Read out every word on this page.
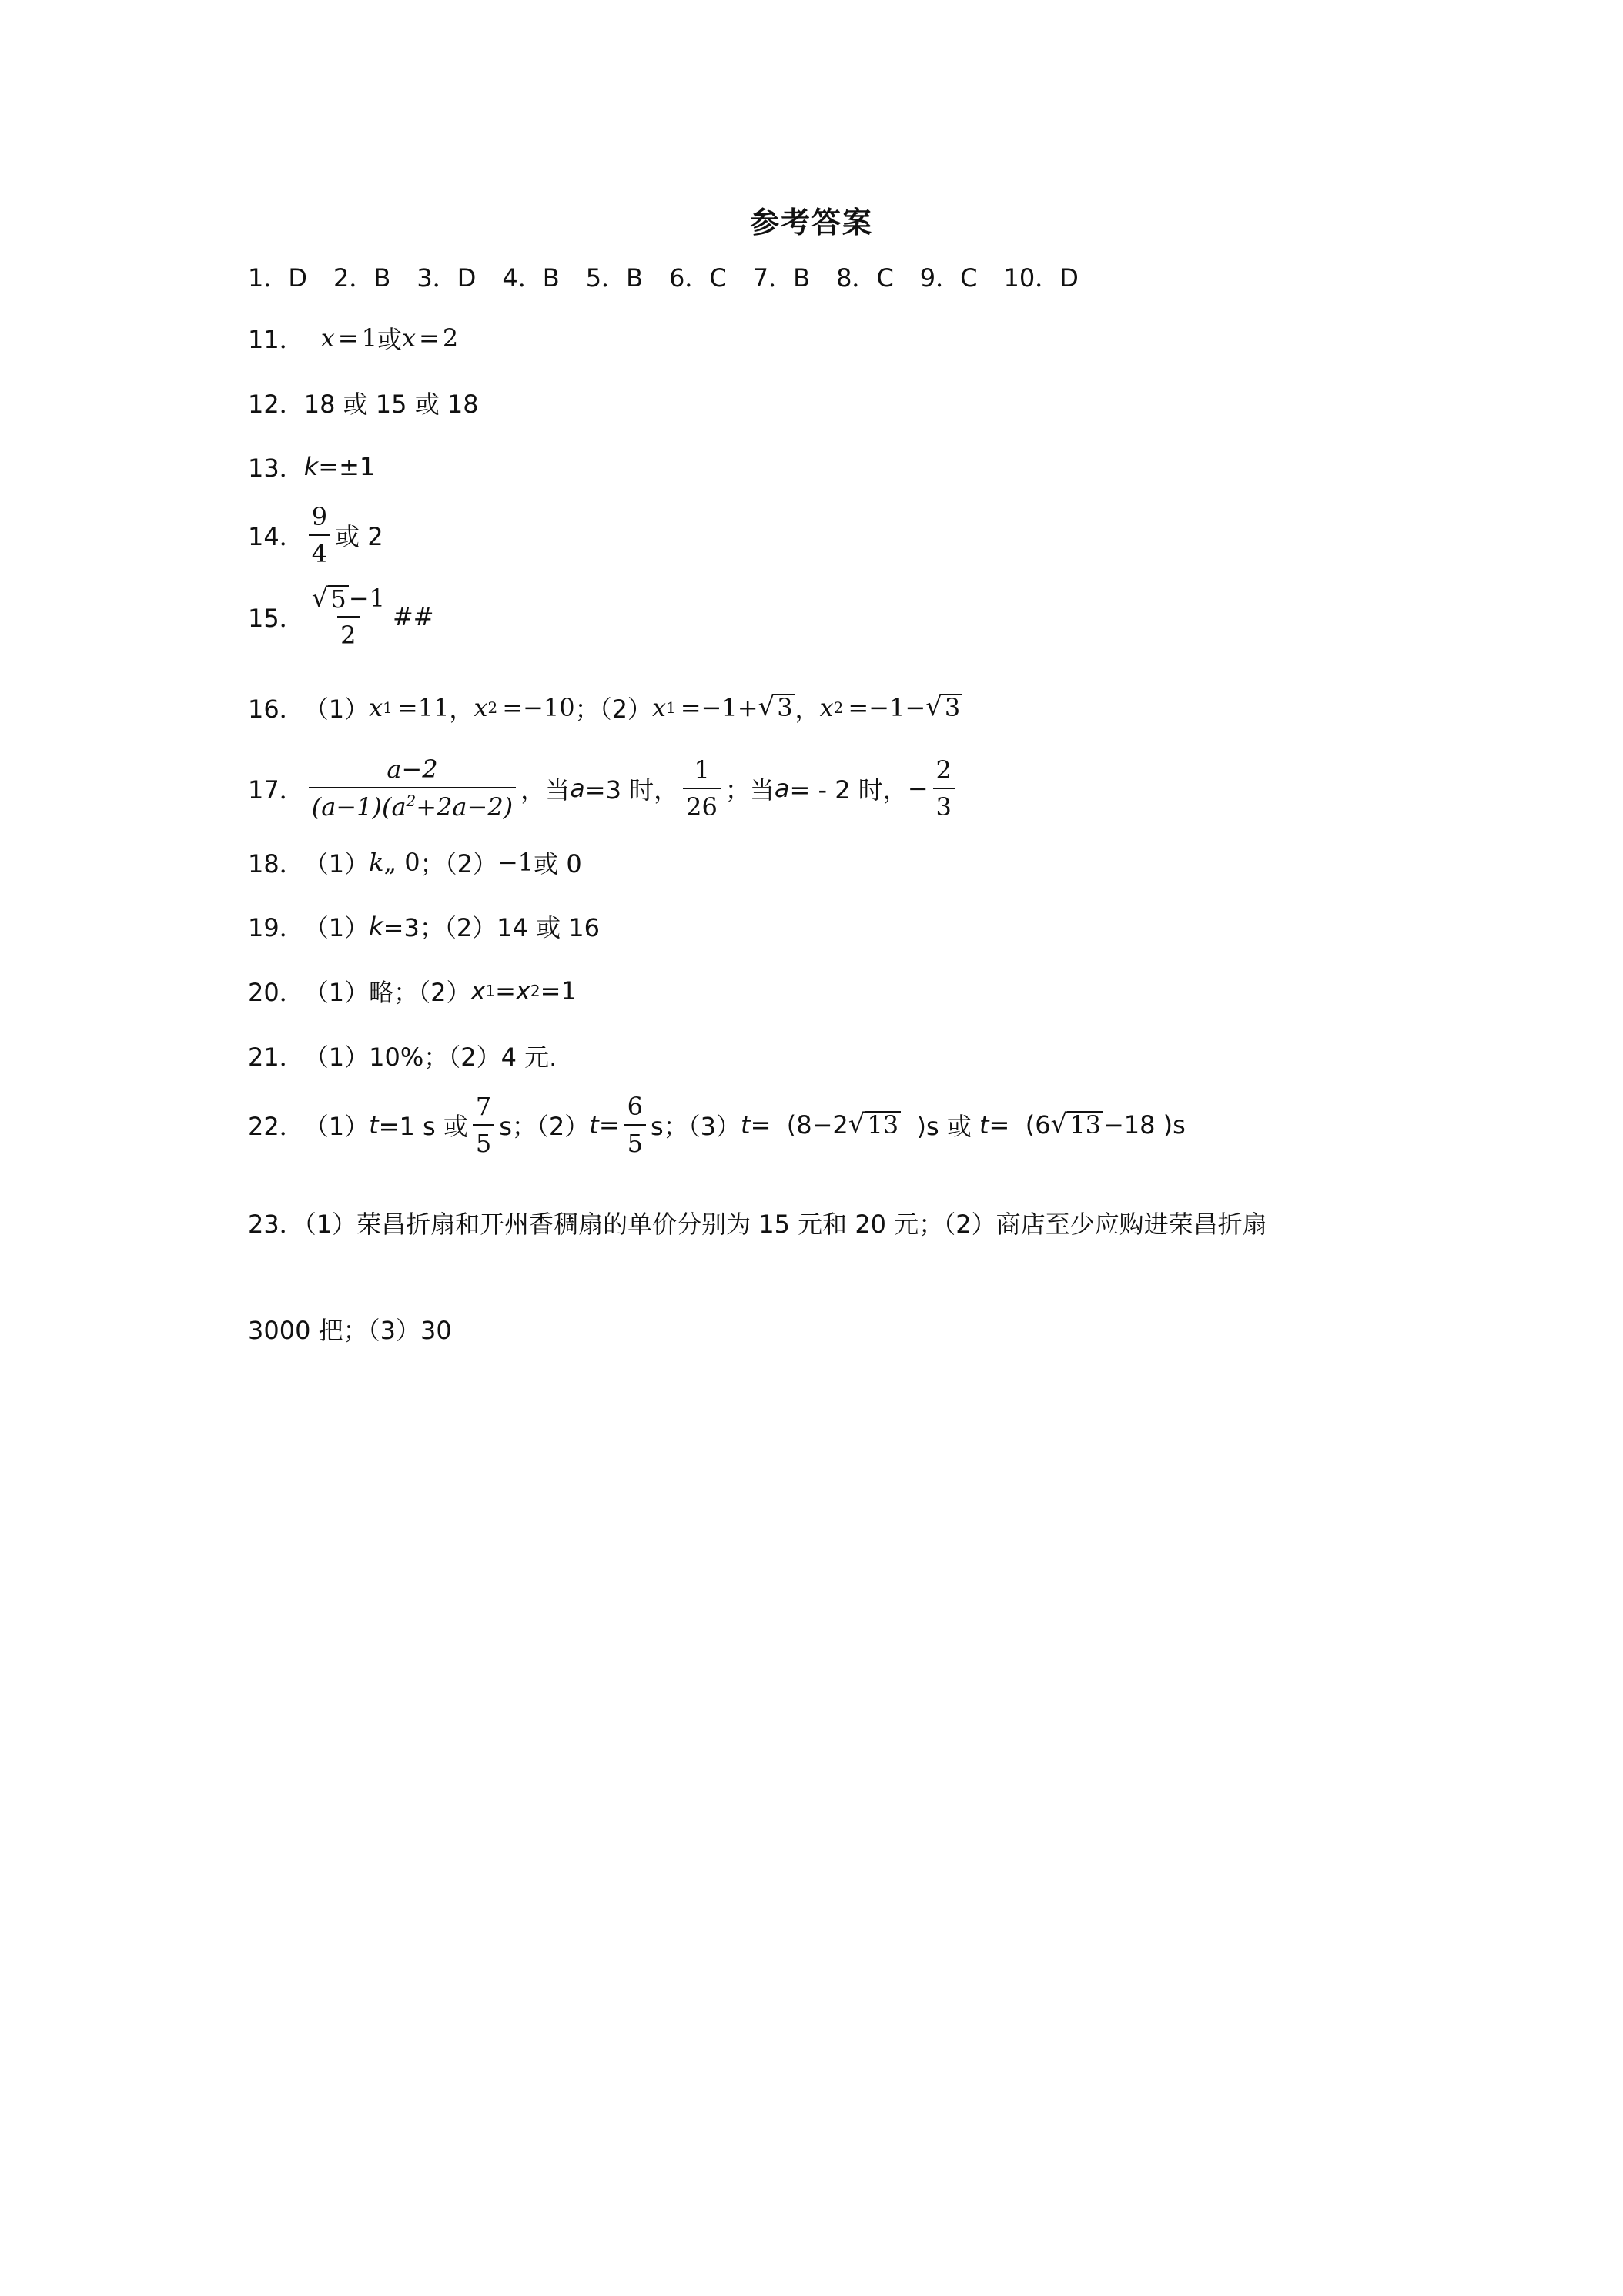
参考答案
1．D 2．B 3．D 4．B 5．B 6．C 7．B 8．C 9．C 10．D
11． x = 1 或 x = 2
12． 18 或 15 或 18
13． k =±1
14． $\frac{9}{4}$ 或 2
15． $\frac{√ 5 -1}{2}$ ##
16． （1） x 1 =11 ， x 2 =−10 ；（2） x 1 =−1+ √ 3 ， x 2 =−1− √ 3
17． $\frac{a-2}{(a-1)(a^2+2a-2)}$ ，当 a =3 时， $\frac{1}{26}$ ；当 a = - 2 时， − $\frac{2}{3}$
18． （1） k „ 0 ；（2） −1 或 0
19． （1） k =3；（2）14 或 16
20． （1）略；（2） x 1 = x 2 =1
21． （1）10%；（2）4 元.
22． （1） t =1 s 或 $\frac{7}{5}$ s；（2） $t = \frac{6}{5}$ s；（3） t =  (8−2 √ 13 )s 或 t =  (6 √ 13 −18 )s
23．（1）荣昌折扇和开州香稠扇的单价分别为 15 元和 20 元；（2）商店至少应购进荣昌折扇
3000 把；（3）30
